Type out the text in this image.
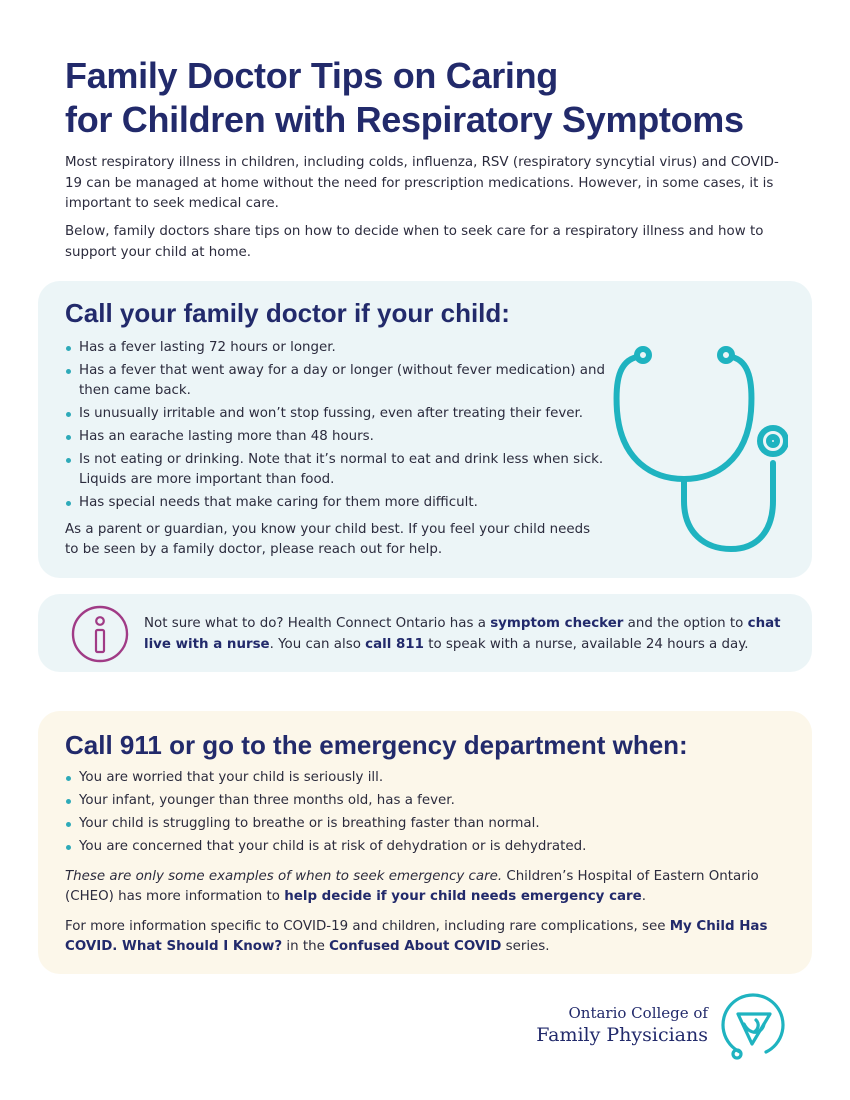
Family Doctor Tips on Caring
for Children with Respiratory Symptoms

Most respiratory illness in children, including colds, influenza, RSV (respiratory syncytial virus) and COVID-19 can be managed at home without the need for prescription medications. However, in some cases, it is important to seek medical care.

Below, family doctors share tips on how to decide when to seek care for a respiratory illness and how to support your child at home.

Call your family doctor if your child:
Has a fever lasting 72 hours or longer.
Has a fever that went away for a day or longer (without fever medication) and then came back.
Is unusually irritable and won’t stop fussing, even after treating their fever.
Has an earache lasting more than 48 hours.
Is not eating or drinking. Note that it’s normal to eat and drink less when sick. Liquids are more important than food.
Has special needs that make caring for them more difficult.

As a parent or guardian, you know your child best. If you feel your child needs to be seen by a family doctor, please reach out for help.

Not sure what to do? Health Connect Ontario has a symptom checker and the option to chat live with a nurse. You can also call 811 to speak with a nurse, available 24 hours a day.

Call 911 or go to the emergency department when:
You are worried that your child is seriously ill.
Your infant, younger than three months old, has a fever.
Your child is struggling to breathe or is breathing faster than normal.
You are concerned that your child is at risk of dehydration or is dehydrated.

These are only some examples of when to seek emergency care. Children’s Hospital of Eastern Ontario (CHEO) has more information to help decide if your child needs emergency care.

For more information specific to COVID-19 and children, including rare complications, see My Child Has COVID. What Should I Know? in the Confused About COVID series.

Ontario College of
Family Physicians
